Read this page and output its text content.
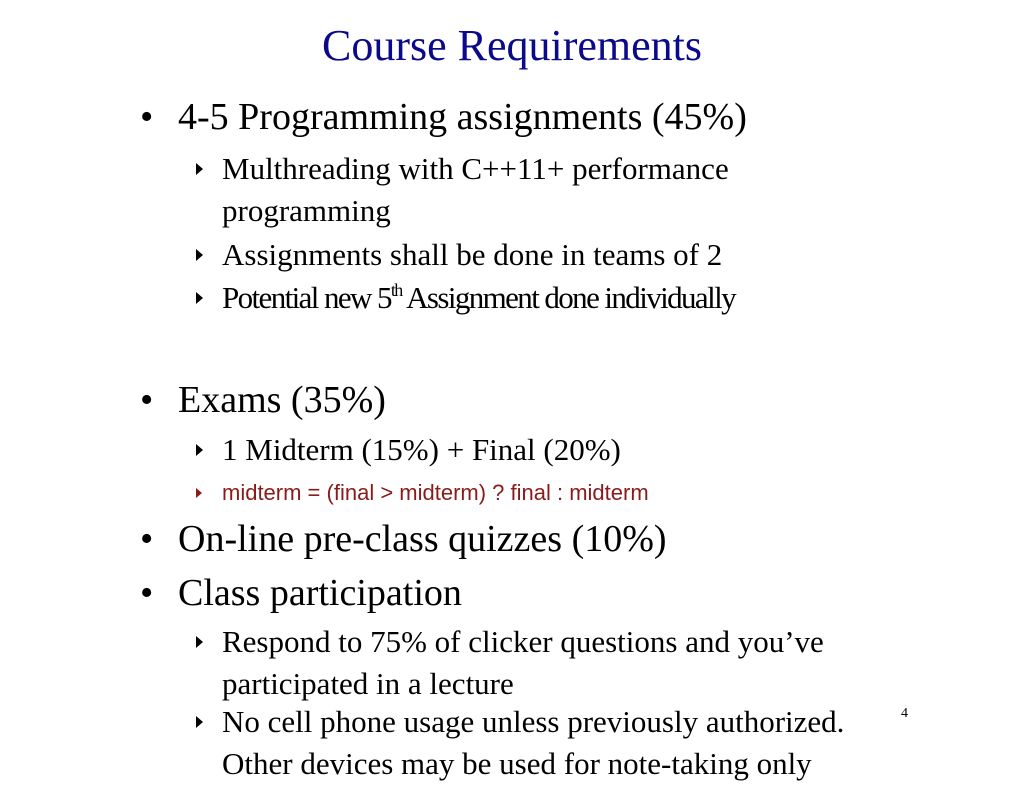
Course Requirements
• 4-5 Programming assignments (45%)
Multhreading with C++11+ performance
programming
Assignments shall be done in teams of 2
Potential new 5th Assignment done individually
• Exams (35%)
1 Midterm (15%) + Final (20%)
midterm = (final > midterm) ? final : midterm
• On-line pre-class quizzes (10%)
• Class participation
Respond to 75% of clicker questions and you’ve
participated in a lecture
No cell phone usage unless previously authorized.
Other devices may be used for note-taking only
4
